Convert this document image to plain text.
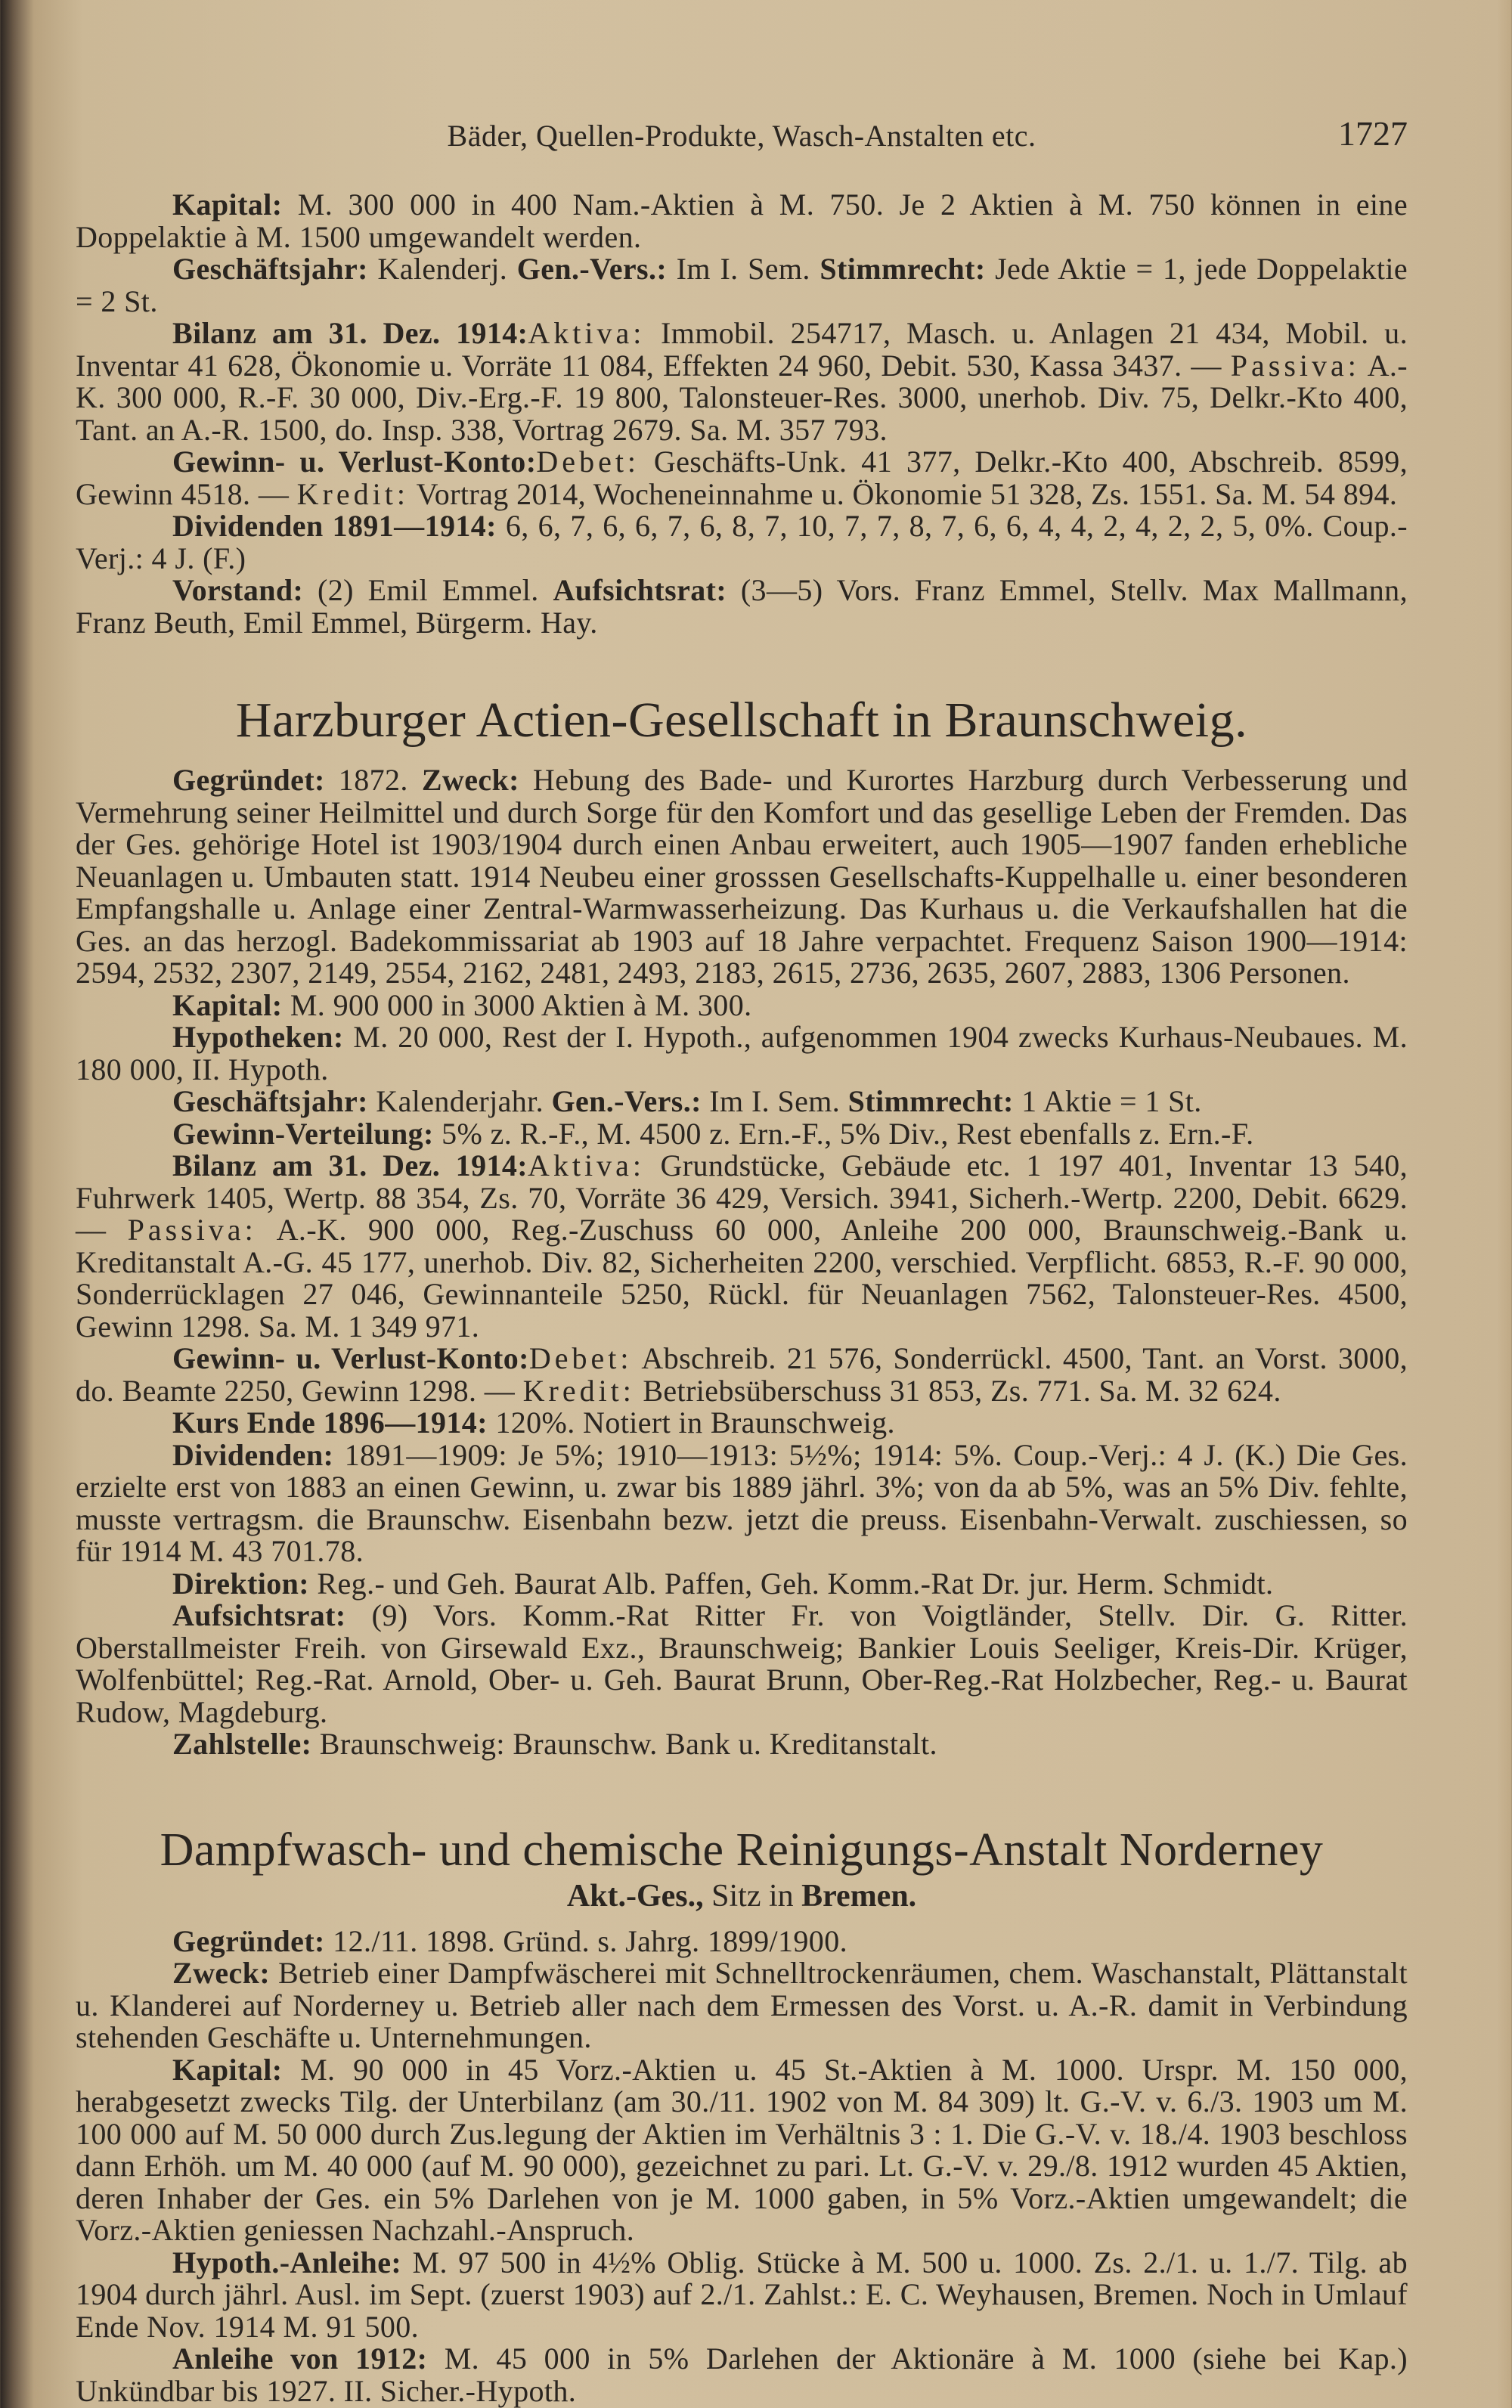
Bäder, Quellen-Produkte, Wasch-Anstalten etc.	1727

Kapital: M. 300 000 in 400 Nam.-Aktien à M. 750. Je 2 Aktien à M. 750 können in eine Doppelaktie à M. 1500 umgewandelt werden.

Geschäftsjahr: Kalenderj. Gen.-Vers.: Im I. Sem. Stimmrecht: Jede Aktie = 1, jede Doppelaktie = 2 St.

Bilanz am 31. Dez. 1914:Aktiva: Immobil. 254717, Masch. u. Anlagen 21 434, Mobil. u. Inventar 41 628, Ökonomie u. Vorräte 11 084, Effekten 24 960, Debit. 530, Kassa 3437. — Passiva: A.-K. 300 000, R.-F. 30 000, Div.-Erg.-F. 19 800, Talonsteuer-Res. 3000, unerhob. Div. 75, Delkr.-Kto 400, Tant. an A.-R. 1500, do. Insp. 338, Vortrag 2679. Sa. M. 357 793.

Gewinn- u. Verlust-Konto:Debet: Geschäfts-Unk. 41 377, Delkr.-Kto 400, Abschreib. 8599, Gewinn 4518. — Kredit: Vortrag 2014, Wocheneinnahme u. Ökonomie 51 328, Zs. 1551. Sa. M. 54 894.

Dividenden 1891—1914: 6, 6, 7, 6, 6, 7, 6, 8, 7, 10, 7, 7, 8, 7, 6, 6, 4, 4, 2, 4, 2, 2, 5, 0%. Coup.-Verj.: 4 J. (F.)

Vorstand: (2) Emil Emmel. Aufsichtsrat: (3—5) Vors. Franz Emmel, Stellv. Max Mallmann, Franz Beuth, Emil Emmel, Bürgerm. Hay.

Harzburger Actien-Gesellschaft in Braunschweig.

Gegründet: 1872. Zweck: Hebung des Bade- und Kurortes Harzburg durch Verbesserung und Vermehrung seiner Heilmittel und durch Sorge für den Komfort und das gesellige Leben der Fremden. Das der Ges. gehörige Hotel ist 1903/1904 durch einen Anbau erweitert, auch 1905—1907 fanden erhebliche Neuanlagen u. Umbauten statt. 1914 Neubeu einer grosssen Gesellschafts-Kuppelhalle u. einer besonderen Empfangshalle u. Anlage einer Zentral-Warmwasserheizung. Das Kurhaus u. die Verkaufshallen hat die Ges. an das herzogl. Badekommissariat ab 1903 auf 18 Jahre verpachtet. Frequenz Saison 1900—1914: 2594, 2532, 2307, 2149, 2554, 2162, 2481, 2493, 2183, 2615, 2736, 2635, 2607, 2883, 1306 Personen.

Kapital: M. 900 000 in 3000 Aktien à M. 300.

Hypotheken: M. 20 000, Rest der I. Hypoth., aufgenommen 1904 zwecks Kurhaus-Neubaues. M. 180 000, II. Hypoth.

Geschäftsjahr: Kalenderjahr. Gen.-Vers.: Im I. Sem. Stimmrecht: 1 Aktie = 1 St.

Gewinn-Verteilung: 5% z. R.-F., M. 4500 z. Ern.-F., 5% Div., Rest ebenfalls z. Ern.-F.

Bilanz am 31. Dez. 1914:Aktiva: Grundstücke, Gebäude etc. 1 197 401, Inventar 13 540, Fuhrwerk 1405, Wertp. 88 354, Zs. 70, Vorräte 36 429, Versich. 3941, Sicherh.-Wertp. 2200, Debit. 6629. — Passiva: A.-K. 900 000, Reg.-Zuschuss 60 000, Anleihe 200 000, Braunschweig.-Bank u. Kreditanstalt A.-G. 45 177, unerhob. Div. 82, Sicherheiten 2200, verschied. Verpflicht. 6853, R.-F. 90 000, Sonderrücklagen 27 046, Gewinnanteile 5250, Rückl. für Neuanlagen 7562, Talonsteuer-Res. 4500, Gewinn 1298. Sa. M. 1 349 971.

Gewinn- u. Verlust-Konto:Debet: Abschreib. 21 576, Sonderrückl. 4500, Tant. an Vorst. 3000, do. Beamte 2250, Gewinn 1298. — Kredit: Betriebsüberschuss 31 853, Zs. 771. Sa. M. 32 624.

Kurs Ende 1896—1914: 120%. Notiert in Braunschweig.

Dividenden: 1891—1909: Je 5%; 1910—1913: 5½%; 1914: 5%. Coup.-Verj.: 4 J. (K.) Die Ges. erzielte erst von 1883 an einen Gewinn, u. zwar bis 1889 jährl. 3%; von da ab 5%, was an 5% Div. fehlte, musste vertragsm. die Braunschw. Eisenbahn bezw. jetzt die preuss. Eisenbahn-Verwalt. zuschiessen, so für 1914 M. 43 701.78.

Direktion: Reg.- und Geh. Baurat Alb. Paffen, Geh. Komm.-Rat Dr. jur. Herm. Schmidt.

Aufsichtsrat: (9) Vors. Komm.-Rat Ritter Fr. von Voigtländer, Stellv. Dir. G. Ritter. Oberstallmeister Freih. von Girsewald Exz., Braunschweig; Bankier Louis Seeliger, Kreis-Dir. Krüger, Wolfenbüttel; Reg.-Rat. Arnold, Ober- u. Geh. Baurat Brunn, Ober-Reg.-Rat Holzbecher, Reg.- u. Baurat Rudow, Magdeburg.

Zahlstelle: Braunschweig: Braunschw. Bank u. Kreditanstalt.

Dampfwasch- und chemische Reinigungs-Anstalt Norderney
Akt.-Ges., Sitz in Bremen.

Gegründet: 12./11. 1898. Gründ. s. Jahrg. 1899/1900.

Zweck: Betrieb einer Dampfwäscherei mit Schnelltrockenräumen, chem. Waschanstalt, Plättanstalt u. Klanderei auf Norderney u. Betrieb aller nach dem Ermessen des Vorst. u. A.-R. damit in Verbindung stehenden Geschäfte u. Unternehmungen.

Kapital: M. 90 000 in 45 Vorz.-Aktien u. 45 St.-Aktien à M. 1000. Urspr. M. 150 000, herabgesetzt zwecks Tilg. der Unterbilanz (am 30./11. 1902 von M. 84 309) lt. G.-V. v. 6./3. 1903 um M. 100 000 auf M. 50 000 durch Zus.legung der Aktien im Verhältnis 3 : 1. Die G.-V. v. 18./4. 1903 beschloss dann Erhöh. um M. 40 000 (auf M. 90 000), gezeichnet zu pari. Lt. G.-V. v. 29./8. 1912 wurden 45 Aktien, deren Inhaber der Ges. ein 5% Darlehen von je M. 1000 gaben, in 5% Vorz.-Aktien umgewandelt; die Vorz.-Aktien geniessen Nachzahl.-Anspruch.

Hypoth.-Anleihe: M. 97 500 in 4½% Oblig. Stücke à M. 500 u. 1000. Zs. 2./1. u. 1./7. Tilg. ab 1904 durch jährl. Ausl. im Sept. (zuerst 1903) auf 2./1. Zahlst.: E. C. Weyhausen, Bremen. Noch in Umlauf Ende Nov. 1914 M. 91 500.

Anleihe von 1912: M. 45 000 in 5% Darlehen der Aktionäre à M. 1000 (siehe bei Kap.) Unkündbar bis 1927. II. Sicher.-Hypoth.
